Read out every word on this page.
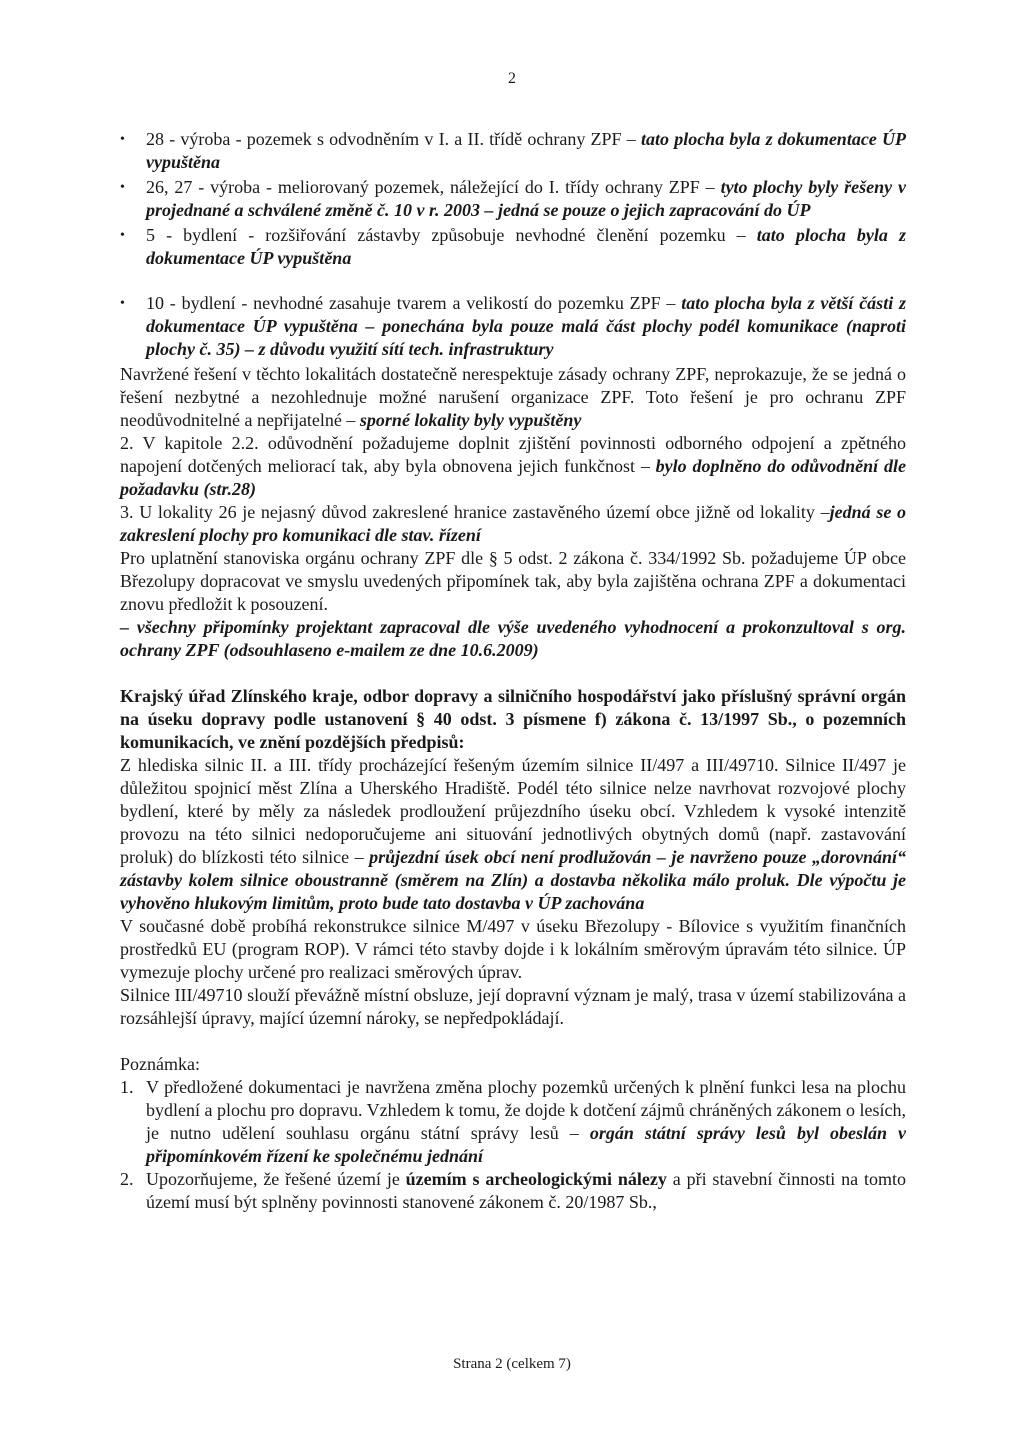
2
• 28 - výroba - pozemek s odvodněním v I. a II. třídě ochrany ZPF – tato plocha byla z dokumentace ÚP vypuštěna
• 26, 27 - výroba - meliorovaný pozemek, náležející do I. třídy ochrany ZPF – tyto plochy byly řešeny v projednané a schválené změně č. 10 v r. 2003 – jedná se pouze o jejich zapracování do ÚP
• 5 - bydlení - rozšiřování zástavby způsobuje nevhodné členění pozemku – tato plocha byla z dokumentace ÚP vypuštěna
• 10 - bydlení - nevhodné zasahuje tvarem a velikostí do pozemku ZPF – tato plocha byla z větší části z dokumentace ÚP vypuštěna – ponechána byla pouze malá část plochy podél komunikace (naproti plochy č. 35) – z důvodu využití sítí tech. infrastruktury

Navržené řešení v těchto lokalitách dostatečně nerespektuje zásady ochrany ZPF, neprokazuje, že se jedná o řešení nezbytné a nezohlednuje možné narušení organizace ZPF. Toto řešení je pro ochranu ZPF neodůvodnitelné a nepřijatelné – sporné lokality byly vypuštěny

2. V kapitole 2.2. odůvodnění požadujeme doplnit zjištění povinnosti odborného odpojení a zpětného napojení dotčených meliorací tak, aby byla obnovena jejich funkčnost – bylo doplněno do odůvodnění dle požadavku (str.28)

3. U lokality 26 je nejasný důvod zakreslené hranice zastavěného území obce jižně od lokality –jedná se o zakreslení plochy pro komunikaci dle stav. řízení

Pro uplatnění stanoviska orgánu ochrany ZPF dle § 5 odst. 2 zákona č. 334/1992 Sb. požadujeme ÚP obce Březolupy dopracovat ve smyslu uvedených připomínek tak, aby byla zajištěna ochrana ZPF a dokumentaci znovu předložit k posouzení.

– všechny připomínky projektant zapracoval dle výše uvedeného vyhodnocení a prokonzultoval s org. ochrany ZPF (odsouhlaseno e-mailem ze dne 10.6.2009)

Krajský úřad Zlínského kraje, odbor dopravy a silničního hospodářství jako příslušný správní orgán na úseku dopravy podle ustanovení § 40 odst. 3 písmene f) zákona č. 13/1997 Sb., o pozemních komunikacích, ve znění pozdějších předpisů:

Z hlediska silnic II. a III. třídy procházející řešeným územím silnice II/497 a III/49710. Silnice II/497 je důležitou spojnicí měst Zlína a Uherského Hradiště. Podél této silnice nelze navrhovat rozvojové plochy bydlení, které by měly za následek prodloužení průjezdního úseku obcí. Vzhledem k vysoké intenzitě provozu na této silnici nedoporučujeme ani situování jednotlivých obytných domů (např. zastavování proluk) do blízkosti této silnice – průjezdní úsek obcí není prodlužován – je navrženo pouze „dorovnání“ zástavby kolem silnice oboustranně (směrem na Zlín) a dostavba několika málo proluk. Dle výpočtu je vyhověno hlukovým limitům, proto bude tato dostavba v ÚP zachována

V současné době probíhá rekonstrukce silnice M/497 v úseku Březolupy - Bílovice s využitím finančních prostředků EU (program ROP). V rámci této stavby dojde i k lokálním směrovým úpravám této silnice. ÚP vymezuje plochy určené pro realizaci směrových úprav.

Silnice III/49710 slouží převážně místní obsluze, její dopravní význam je malý, trasa v území stabilizována a rozsáhlejší úpravy, mající územní nároky, se nepředpokládají.

Poznámka:

1. V předložené dokumentaci je navržena změna plochy pozemků určených k plnění funkci lesa na plochu bydlení a plochu pro dopravu. Vzhledem k tomu, že dojde k dotčení zájmů chráněných zákonem o lesích, je nutno udělení souhlasu orgánu státní správy lesů – orgán státní správy lesů byl obeslán v připomínkovém řízení ke společnému jednání
2. Upozorňujeme, že řešené území je územím s archeologickými nálezy a při stavební činnosti na tomto území musí být splněny povinnosti stanovené zákonem č. 20/1987 Sb.,
Strana 2 (celkem 7)
